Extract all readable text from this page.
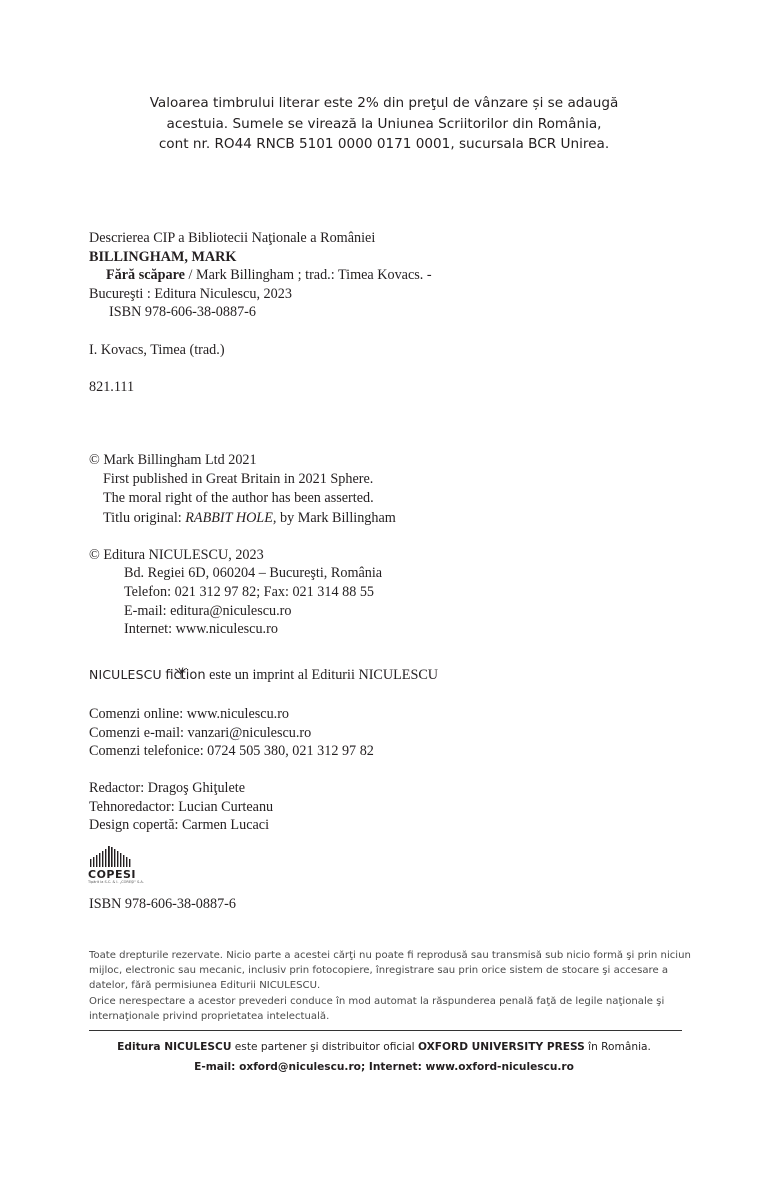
Valoarea timbrului literar este 2% din preţul de vânzare și se adaugă
acestuia. Sumele se virează la Uniunea Scriitorilor din România,
cont nr. RO44 RNCB 5101 0000 0171 0001, sucursala BCR Unirea.
Descrierea CIP a Bibliotecii Naţionale a României
BILLINGHAM, MARK
Fără scăpare / Mark Billingham ; trad.: Timea Kovacs. -
Bucureşti : Editura Niculescu, 2023
ISBN 978-606-38-0887-6
I. Kovacs, Timea (trad.)
821.111
© Mark Billingham Ltd 2021
First published in Great Britain in 2021 Sphere.
The moral right of the author has been asserted.
Titlu original: RABBIT HOLE, by Mark Billingham
© Editura NICULESCU, 2023
Bd. Regiei 6D, 060204 – Bucureşti, România
Telefon: 021 312 97 82; Fax: 021 314 88 55
E-mail: editura@niculescu.ro
Internet: www.niculescu.ro
NICULESCU fic
tion este un imprint al Editurii NICULESCU
Comenzi online: www.niculescu.ro
Comenzi e-mail: vanzari@niculescu.ro
Comenzi telefonice: 0724 505 380, 021 312 97 82
Redactor: Dragoş Ghiţulete
Tehnoredactor: Lucian Curteanu
Design copertă: Carmen Lucaci
COРESI
Tipărit la S.C. & I. „COREŞI" S.A.
ISBN 978-606-38-0887-6
Toate drepturile rezervate. Nicio parte a acestei cărţi nu poate fi reprodusă sau transmisă sub nicio formă şi prin niciun
mijloc, electronic sau mecanic, inclusiv prin fotocopiere, înregistrare sau prin orice sistem de stocare şi accesare a
datelor, fără permisiunea Editurii NICULESCU.
Orice nerespectare a acestor prevederi conduce în mod automat la răspunderea penală faţă de legile naţionale şi
internaţionale privind proprietatea intelectuală.
Editura NICULESCU este partener şi distribuitor oficial OXFORD UNIVERSITY PRESS în România.
E-mail: oxford@niculescu.ro; Internet: www.oxford-niculescu.ro
